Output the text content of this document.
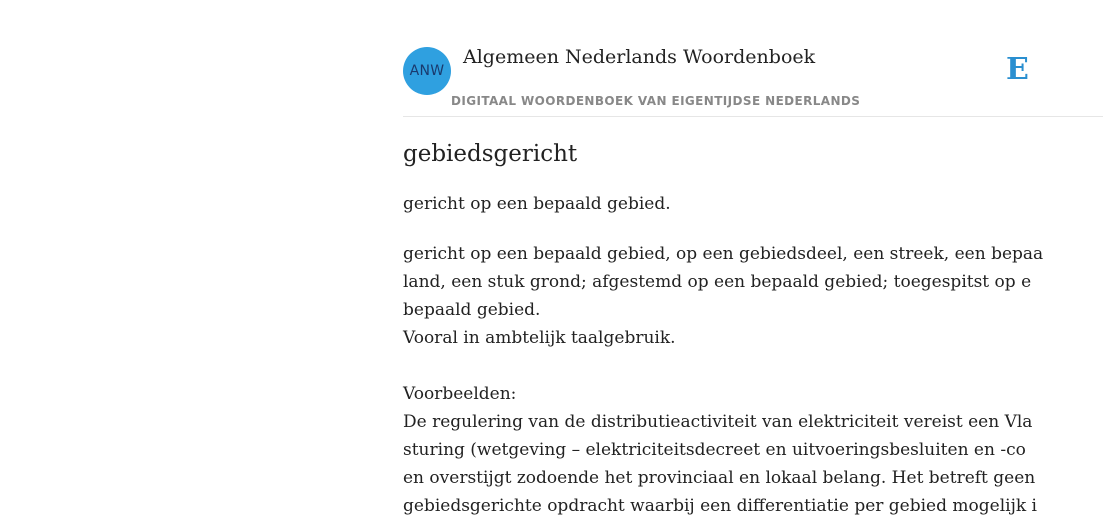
ANW
Algemeen Nederlands Woordenboek
DIGITAAL WOORDENBOEK VAN EIGENTIJDSE NEDERLANDS
E
gebiedsgericht
gericht op een bepaald gebied.
gericht op een bepaald gebied, op een gebiedsdeel, een streek, een bepaa
land, een stuk grond; afgestemd op een bepaald gebied; toegespitst op e
bepaald gebied.
Vooral in ambtelijk taalgebruik.
Voorbeelden:
De regulering van de distributieactiviteit van elektriciteit vereist een Vla
sturing (wetgeving – elektriciteitsdecreet en uitvoeringsbesluiten en -co
en overstijgt zodoende het provinciaal en lokaal belang. Het betreft geen
gebiedsgerichte opdracht waarbij een differentiatie per gebied mogelijk i
